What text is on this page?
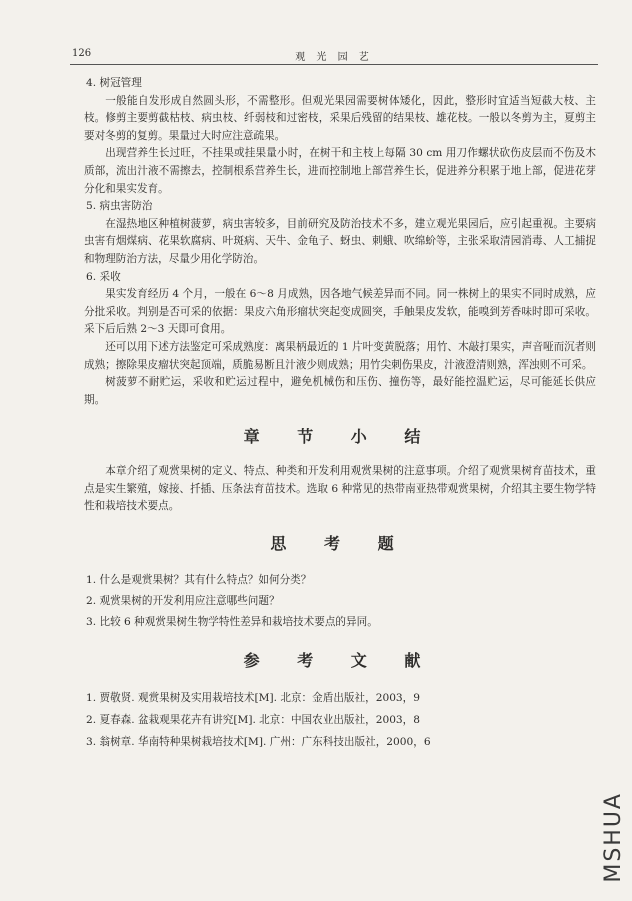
126	观 光 园 艺

4. 树冠管理

一般能自发形成自然圆头形，不需整形。但观光果园需要树体矮化，因此，整形时宜适当短截大枝、主枝。修剪主要剪截枯枝、病虫枝、纤弱枝和过密枝，采果后残留的结果枝、雄花枝。一般以冬剪为主，夏剪主要对冬剪的复剪。果量过大时应注意疏果。

出现营养生长过旺，不挂果或挂果量小时，在树干和主枝上每隔 30 cm 用刀作螺状砍伤皮层而不伤及木质部，流出汁液不需擦去，控制根系营养生长，进而控制地上部营养生长，促进养分积累于地上部，促进花芽分化和果实发育。

5. 病虫害防治

在湿热地区种植树菠萝，病虫害较多，目前研究及防治技术不多，建立观光果园后，应引起重视。主要病虫害有烟煤病、花果软腐病、叶斑病、天牛、金龟子、蚜虫、刺蛾、吹绵蚧等，主张采取清园消毒、人工捕捉和物理防治方法，尽量少用化学防治。

6. 采收

果实发育经历 4 个月，一般在 6～8 月成熟，因各地气候差异而不同。同一株树上的果实不同时成熟，应分批采收。判别是否可采的依据：果皮六角形瘤状突起变成圆突，手触果皮发软，能嗅到芳香味时即可采收。采下后后熟 2～3 天即可食用。

还可以用下述方法鉴定可采成熟度：离果柄最近的 1 片叶变黄脱落；用竹、木敲打果实，声音哑而沉者则成熟；擦除果皮瘤状突起顶端，质脆易断且汁液少则成熟；用竹尖刺伤果皮，汁液澄清则熟，浑浊则不可采。

树菠萝不耐贮运，采收和贮运过程中，避免机械伤和压伤、撞伤等，最好能控温贮运，尽可能延长供应期。

章 节 小 结

本章介绍了观赏果树的定义、特点、种类和开发利用观赏果树的注意事项。介绍了观赏果树育苗技术，重点是实生繁殖，嫁接、扦插、压条法育苗技术。选取 6 种常见的热带南亚热带观赏果树，介绍其主要生物学特性和栽培技术要点。

思 考 题

1. 什么是观赏果树？其有什么特点？如何分类？

2. 观赏果树的开发利用应注意哪些问题？

3. 比较 6 种观赏果树生物学特性差异和栽培技术要点的异同。

参 考 文 献

1. 贾敬贤. 观赏果树及实用栽培技术[M]. 北京：金盾出版社，2003，9

2. 夏春森. 盆栽观果花卉有讲究[M]. 北京：中国农业出版社，2003，8

3. 翁树章. 华南特种果树栽培技术[M]. 广州：广东科技出版社，2000，6

MSHUA
